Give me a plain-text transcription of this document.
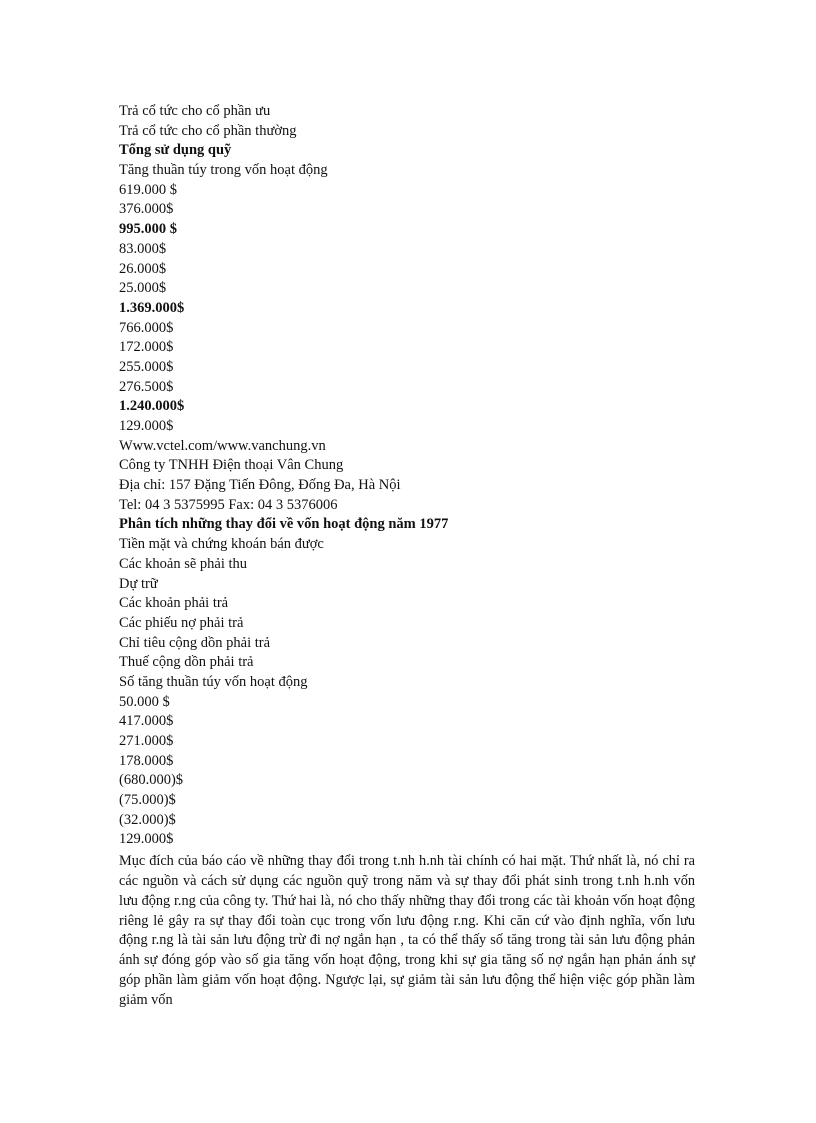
Trả cổ tức cho cổ phần ưu
Trả cổ tức cho cổ phần thường
Tổng sử dụng quỹ
Tăng thuần túy trong vốn hoạt động
619.000 $
376.000$
995.000 $
83.000$
26.000$
25.000$
1.369.000$
766.000$
172.000$
255.000$
276.500$
1.240.000$
129.000$
Www.vctel.com/www.vanchung.vn
Công ty TNHH Điện thoại Vân Chung
Địa chỉ: 157 Đặng Tiến Đông, Đống Đa, Hà Nội
Tel: 04 3 5375995 Fax: 04 3 5376006
Phân tích những thay đổi về vốn hoạt động năm 1977
Tiền mặt và chứng khoán bán được
Các khoản sẽ phải thu
Dự trữ
Các khoản phải trả
Các phiếu nợ phải trả
Chỉ tiêu cộng dồn phải trả
Thuế cộng dồn phải trả
Số tăng thuần túy vốn hoạt động
50.000 $
417.000$
271.000$
178.000$
(680.000)$
(75.000)$
(32.000)$
129.000$
Mục đích của báo cáo về những thay đổi trong t.nh h.nh tài chính có hai mặt. Thứ nhất là, nó chỉ ra các nguồn và cách sử dụng các nguồn quỹ trong năm và sự thay đổi phát sinh trong t.nh h.nh vốn lưu động r.ng của công ty. Thứ hai là, nó cho thấy những thay đổi trong các tài khoản vốn hoạt động riêng lẻ gây ra sự thay đổi toàn cục trong vốn lưu động r.ng. Khi căn cứ vào định nghĩa, vốn lưu động r.ng là tài sản lưu động trừ đi nợ ngắn hạn , ta có thể thấy số tăng trong tài sản lưu động phản ánh sự đóng góp vào số gia tăng vốn hoạt động, trong khi sự gia tăng số nợ ngắn hạn phản ánh sự góp phần làm giảm vốn hoạt động. Ngược lại, sự giảm tài sản lưu động thể hiện việc góp phần làm giảm vốn
